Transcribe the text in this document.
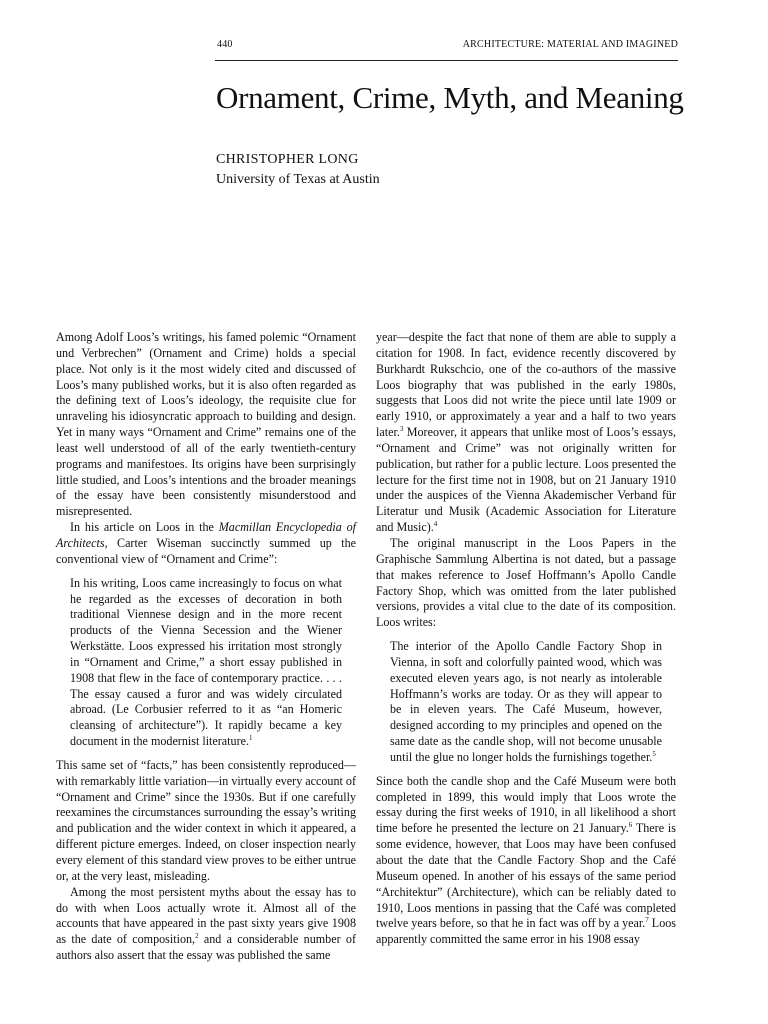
440	ARCHITECTURE: MATERIAL AND IMAGINED
Ornament, Crime, Myth, and Meaning
CHRISTOPHER LONG
University of Texas at Austin

Among Adolf Loos’s writings, his famed polemic “Ornament und Verbrechen” (Ornament and Crime) holds a special place. Not only is it the most widely cited and discussed of Loos’s many published works, but it is also often regarded as the defining text of Loos’s ideology, the requisite clue for unraveling his idiosyncratic approach to building and design. Yet in many ways “Ornament and Crime” remains one of the least well understood of all of the early twentieth-century programs and manifestoes. Its origins have been surprisingly little studied, and Loos’s intentions and the broader meanings of the essay have been consistently misunderstood and misrepresented.

In his article on Loos in the Macmillan Encyclopedia of Architects, Carter Wiseman succinctly summed up the conventional view of “Ornament and Crime”:

In his writing, Loos came increasingly to focus on what he regarded as the excesses of decoration in both traditional Viennese design and in the more recent products of the Vienna Secession and the Wiener Werkstätte. Loos expressed his irritation most strongly in “Ornament and Crime,” a short essay published in 1908 that flew in the face of contemporary practice. . . . The essay caused a furor and was widely circulated abroad. (Le Corbusier referred to it as “an Homeric cleansing of architecture”). It rapidly became a key document in the modernist literature.$^1$

This same set of “facts,” has been consistently reproduced—with remarkably little variation—in virtually every account of “Ornament and Crime” since the 1930s. But if one carefully reexamines the circumstances surrounding the essay’s writing and publication and the wider context in which it appeared, a different picture emerges. Indeed, on closer inspection nearly every element of this standard view proves to be either untrue or, at the very least, misleading.

Among the most persistent myths about the essay has to do with when Loos actually wrote it. Almost all of the accounts that have appeared in the past sixty years give 1908 as the date of composition,$^2$ and a considerable number of authors also assert that the essay was published the same

year—despite the fact that none of them are able to supply a citation for 1908. In fact, evidence recently discovered by Burkhardt Rukschcio, one of the co-authors of the massive Loos biography that was published in the early 1980s, suggests that Loos did not write the piece until late 1909 or early 1910, or approximately a year and a half to two years later.$^3$ Moreover, it appears that unlike most of Loos’s essays, “Ornament and Crime” was not originally written for publication, but rather for a public lecture. Loos presented the lecture for the first time not in 1908, but on 21 January 1910 under the auspices of the Vienna Akademischer Verband für Literatur und Musik (Academic Association for Literature and Music).$^4$

The original manuscript in the Loos Papers in the Graphische Sammlung Albertina is not dated, but a passage that makes reference to Josef Hoffmann’s Apollo Candle Factory Shop, which was omitted from the later published versions, provides a vital clue to the date of its composition. Loos writes:

The interior of the Apollo Candle Factory Shop in Vienna, in soft and colorfully painted wood, which was executed eleven years ago, is not nearly as intolerable Hoffmann’s works are today. Or as they will appear to be in eleven years. The Café Museum, however, designed according to my principles and opened on the same date as the candle shop, will not become unusable until the glue no longer holds the furnishings together.$^5$

Since both the candle shop and the Café Museum were both completed in 1899, this would imply that Loos wrote the essay during the first weeks of 1910, in all likelihood a short time before he presented the lecture on 21 January.$^6$ There is some evidence, however, that Loos may have been confused about the date that the Candle Factory Shop and the Café Museum opened. In another of his essays of the same period “Architektur” (Architecture), which can be reliably dated to 1910, Loos mentions in passing that the Café was completed twelve years before, so that he in fact was off by a year.$^7$ Loos apparently committed the same error in his 1908 essay
